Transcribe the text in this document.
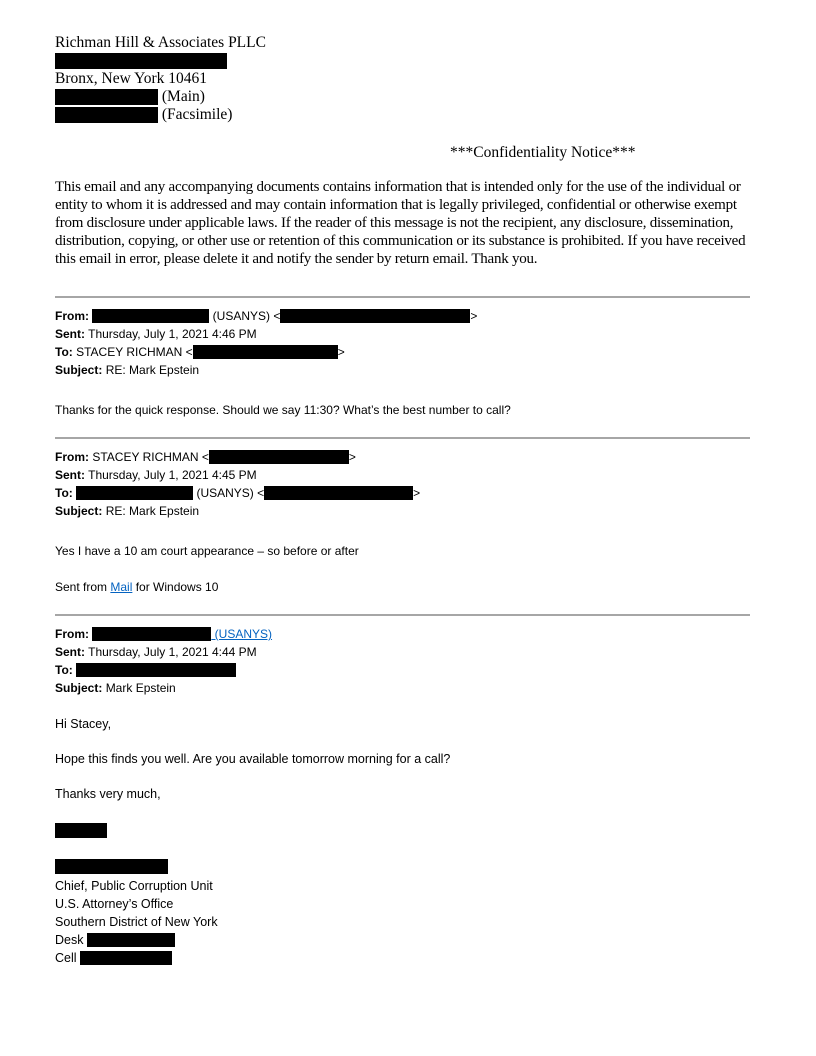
Richman Hill & Associates PLLC
Bronx, New York 10461
(Main)
(Facsimile)
***Confidentiality Notice***
This email and any accompanying documents contains information that is intended only for the use of the individual or entity to whom it is addressed and may contain information that is legally privileged, confidential or otherwise exempt from disclosure under applicable laws. If the reader of this message is not the recipient, any disclosure, dissemination, distribution, copying, or other use or retention of this communication or its substance is prohibited. If you have received this email in error, please delete it and notify the sender by return email. Thank you.
From:	(USANYS) <	>
Sent: Thursday, July 1, 2021 4:46 PM
To: STACEY RICHMAN <	>
Subject: RE: Mark Epstein

Thanks for the quick response. Should we say 11:30? What’s the best number to call?

From: STACEY RICHMAN <	>
Sent: Thursday, July 1, 2021 4:45 PM
To:	(USANYS) <	>
Subject: RE: Mark Epstein

Yes I have a 10 am court appearance – so before or after

Sent from Mail for Windows 10

From:	(USANYS)
Sent: Thursday, July 1, 2021 4:44 PM
To:
Subject: Mark Epstein

Hi Stacey,

Hope this finds you well. Are you available tomorrow morning for a call?

Thanks very much,

Chief, Public Corruption Unit

U.S. Attorney’s Office

Southern District of New York

Desk

Cell
